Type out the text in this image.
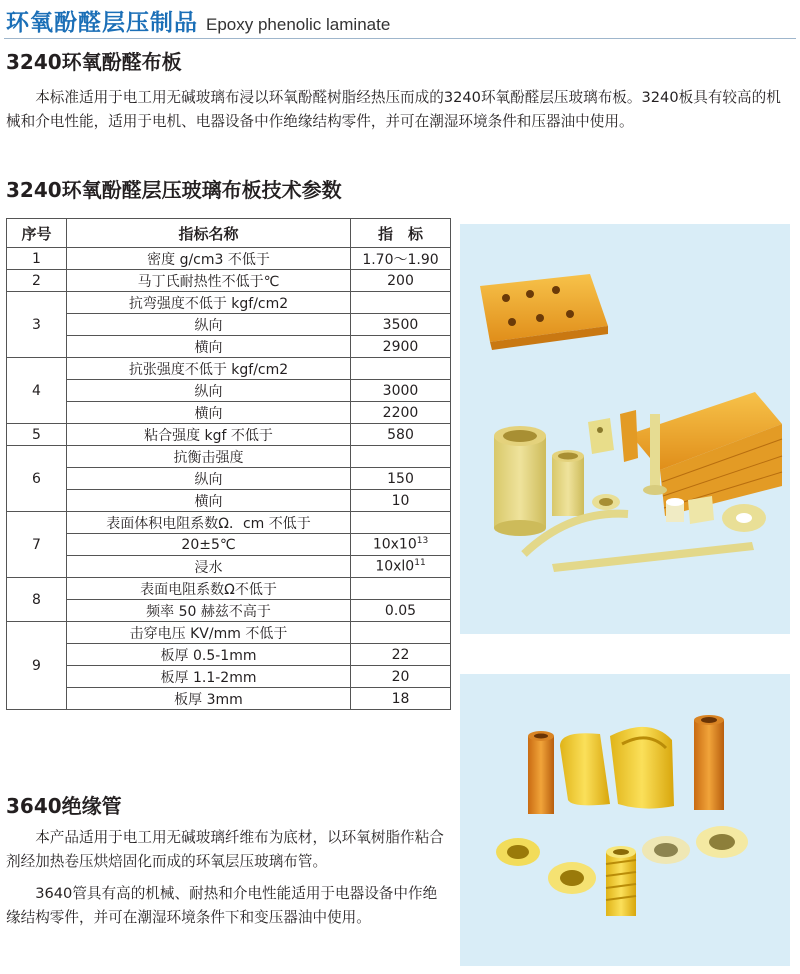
环氧酚醛层压制品 Epoxy phenolic laminate
3240环氧酚醛布板

本标准适用于电工用无碱玻璃布浸以环氧酚醛树脂经热压而成的3240环氧酚醛层压玻璃布板。3240板具有较高的机械和介电性能，适用于电机、电器设备中作绝缘结构零件，并可在潮湿环境条件和压器油中使用。

3240环氧酚醛层压玻璃布板技术参数
序号	指标名称	指　标
1	密度 g/cm3 不低于	1.70～1.90
2	马丁氏耐热性不低于℃	200
3	抗弯强度不低于 kgf/cm2	
	纵向	3500
	横向	2900
4	抗张强度不低于 kgf/cm2	
	纵向	3000
	横向	2200
5	粘合强度 kgf 不低于	580
6	抗衡击强度	
	纵向	150
	横向	10
7	表面体积电阻系数Ω．cm 不低于	
	20±5℃	$10x10^{13}$
	浸水	$10xl0^{11}$
8	表面电阻系数Ω不低于	
	频率 50 赫兹不高于	0.05
9	击穿电压 KV/mm 不低于	
	板厚 0.5-1mm	22
	板厚 1.1-2mm	20
	板厚 3mm	18
3640绝缘管

本产品适用于电工用无碱玻璃纤维布为底材，以环氧树脂作粘合剂经加热卷压烘焙固化而成的环氧层压玻璃布管。

3640管具有高的机械、耐热和介电性能适用于电器设备中作绝缘结构零件，并可在潮湿环境条件下和变压器油中使用。
